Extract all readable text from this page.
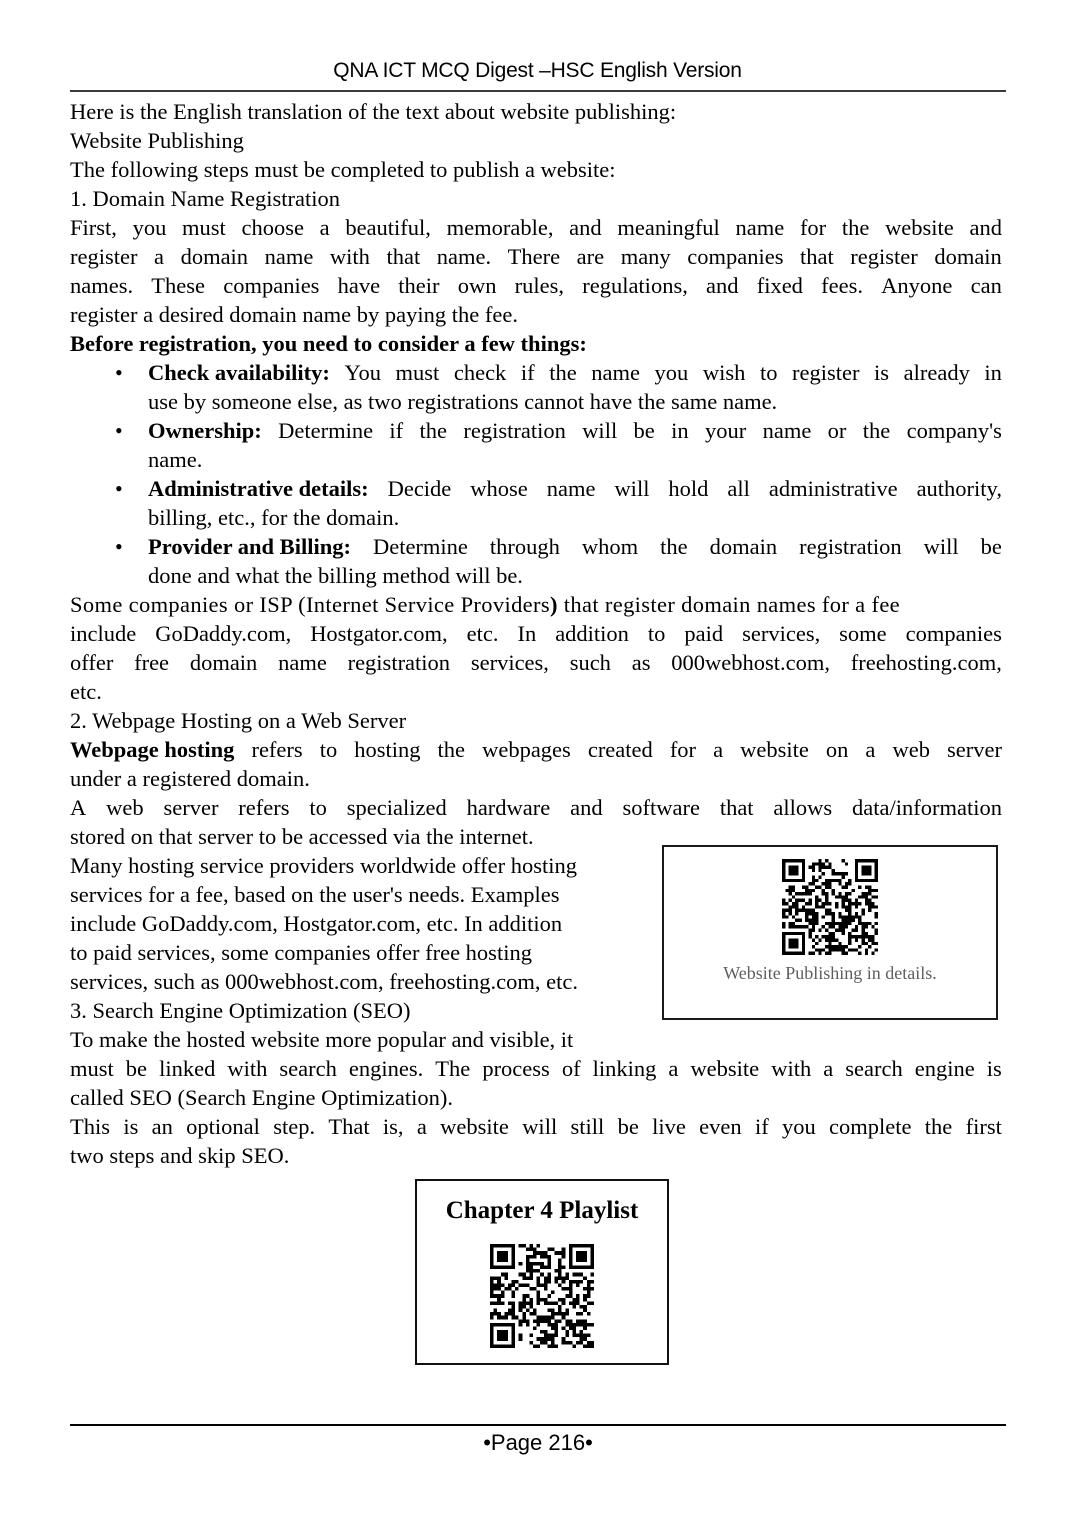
QNA ICT MCQ Digest –HSC English Version
Here is the English translation of the text about website publishing:
Website Publishing
The following steps must be completed to publish a website:
1. Domain Name Registration
First, you must choose a beautiful, memorable, and meaningful name for the website and
register a domain name with that name. There are many companies that register domain
names. These companies have their own rules, regulations, and fixed fees. Anyone can
register a desired domain name by paying the fee.
Before registration, you need to consider a few things:
• Check availability: You must check if the name you wish to register is already in
use by someone else, as two registrations cannot have the same name.
• Ownership: Determine if the registration will be in your name or the company's
name.
• Administrative details: Decide whose name will hold all administrative authority,
billing, etc., for the domain.
• Provider and Billing: Determine through whom the domain registration will be
done and what the billing method will be.
Some companies or ISP (Internet Service Providers) that register domain names for a fee
include GoDaddy.com, Hostgator.com, etc. In addition to paid services, some companies
offer free domain name registration services, such as 000webhost.com, freehosting.com,
etc.
2. Webpage Hosting on a Web Server
Webpage hosting refers to hosting the webpages created for a website on a web server
under a registered domain.
A web server refers to specialized hardware and software that allows data/information
stored on that server to be accessed via the internet.
Many hosting service providers worldwide offer hosting
services for a fee, based on the user's needs. Examples
include GoDaddy.com, Hostgator.com, etc. In addition
to paid services, some companies offer free hosting
services, such as 000webhost.com, freehosting.com, etc.
3. Search Engine Optimization (SEO)
To make the hosted website more popular and visible, it
must be linked with search engines. The process of linking a website with a search engine is
called SEO (Search Engine Optimization).
This is an optional step. That is, a website will still be live even if you complete the first
two steps and skip SEO.
Website Publishing in details.
Chapter 4 Playlist
•Page 216•
